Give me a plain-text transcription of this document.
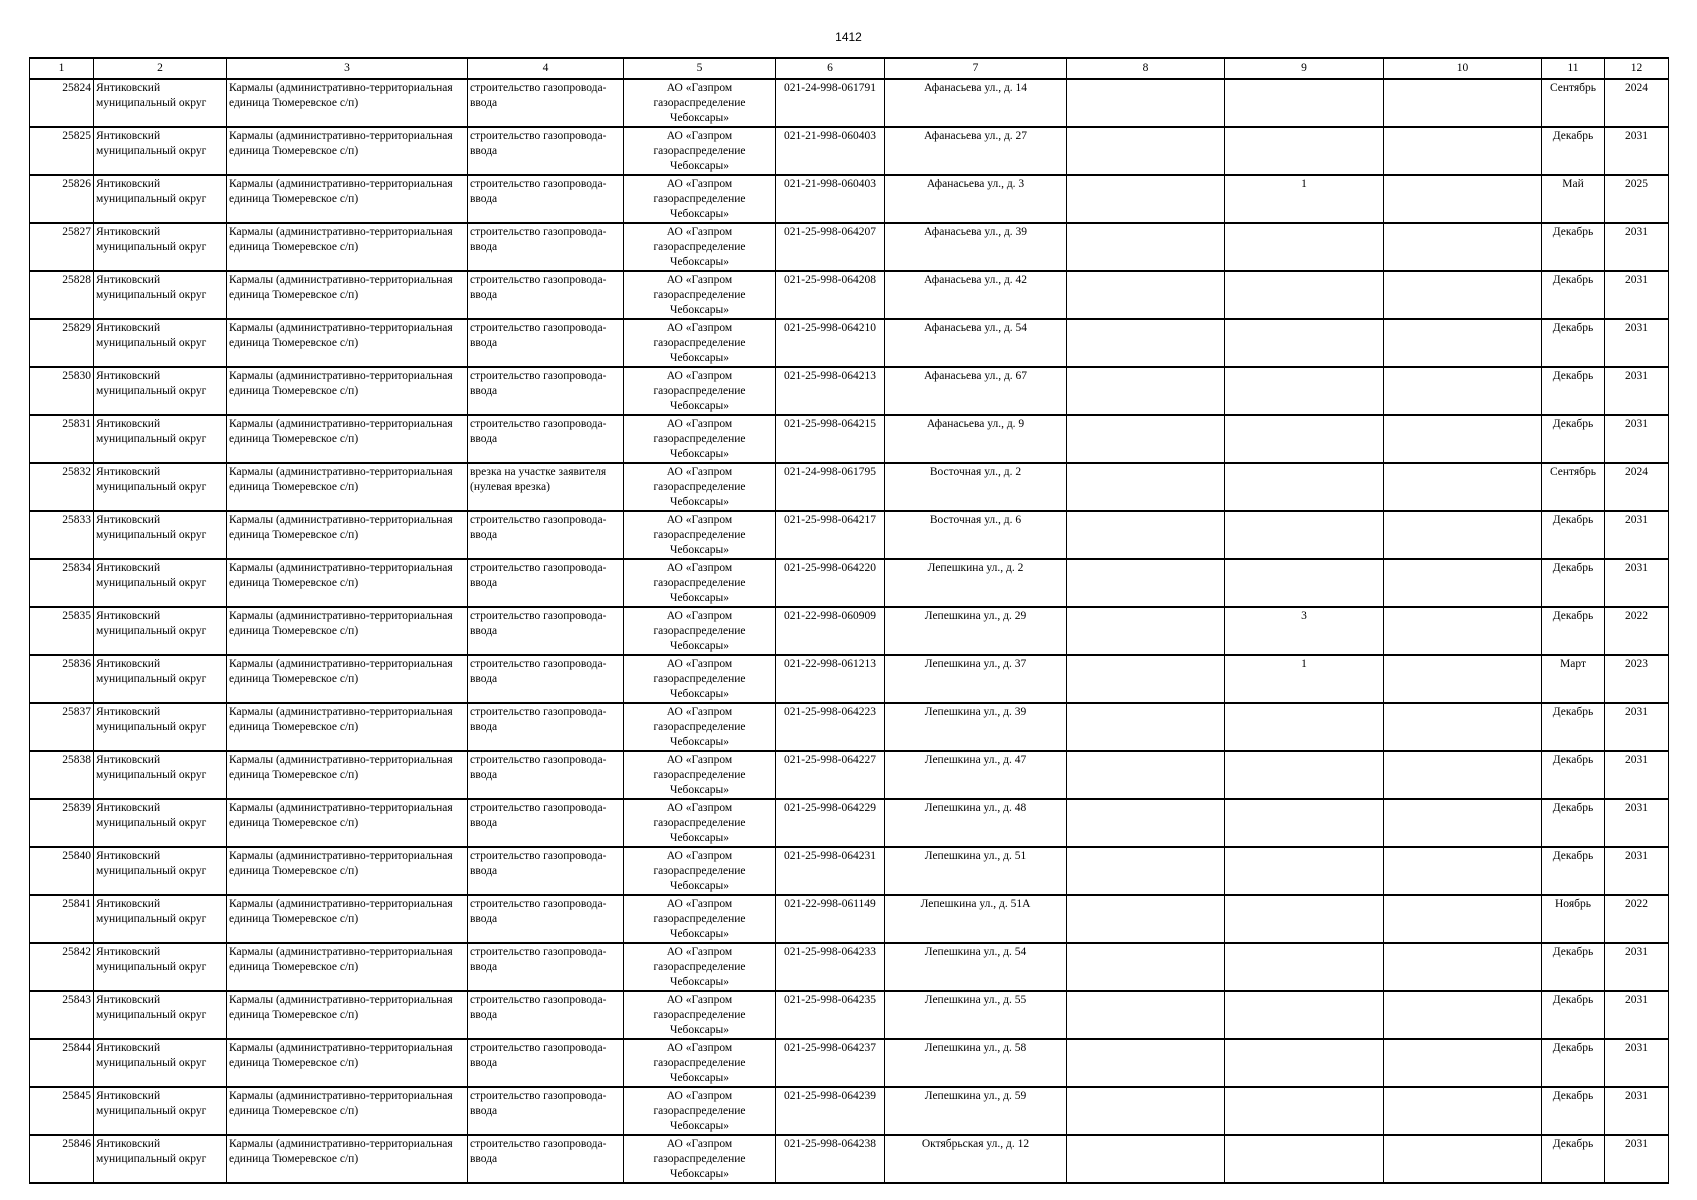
1412
1	2	3	4	5	6	7	8	9	10	11	12
25824	Янтиковский муниципальный округ	Кармалы (административно-территориальная единица Тюмеревское с/п)	строительство газопровода-ввода	АО «Газпром газораспределение Чебоксары»	021-24-998-061791	Афанасьева ул., д. 14				Сентябрь	2024
25825	Янтиковский муниципальный округ	Кармалы (административно-территориальная единица Тюмеревское с/п)	строительство газопровода-ввода	АО «Газпром газораспределение Чебоксары»	021-21-998-060403	Афанасьева ул., д. 27				Декабрь	2031
25826	Янтиковский муниципальный округ	Кармалы (административно-территориальная единица Тюмеревское с/п)	строительство газопровода-ввода	АО «Газпром газораспределение Чебоксары»	021-21-998-060403	Афанасьева ул., д. 3		1		Май	2025
25827	Янтиковский муниципальный округ	Кармалы (административно-территориальная единица Тюмеревское с/п)	строительство газопровода-ввода	АО «Газпром газораспределение Чебоксары»	021-25-998-064207	Афанасьева ул., д. 39				Декабрь	2031
25828	Янтиковский муниципальный округ	Кармалы (административно-территориальная единица Тюмеревское с/п)	строительство газопровода-ввода	АО «Газпром газораспределение Чебоксары»	021-25-998-064208	Афанасьева ул., д. 42				Декабрь	2031
25829	Янтиковский муниципальный округ	Кармалы (административно-территориальная единица Тюмеревское с/п)	строительство газопровода-ввода	АО «Газпром газораспределение Чебоксары»	021-25-998-064210	Афанасьева ул., д. 54				Декабрь	2031
25830	Янтиковский муниципальный округ	Кармалы (административно-территориальная единица Тюмеревское с/п)	строительство газопровода-ввода	АО «Газпром газораспределение Чебоксары»	021-25-998-064213	Афанасьева ул., д. 67				Декабрь	2031
25831	Янтиковский муниципальный округ	Кармалы (административно-территориальная единица Тюмеревское с/п)	строительство газопровода-ввода	АО «Газпром газораспределение Чебоксары»	021-25-998-064215	Афанасьева ул., д. 9				Декабрь	2031
25832	Янтиковский муниципальный округ	Кармалы (административно-территориальная единица Тюмеревское с/п)	врезка на участке заявителя (нулевая врезка)	АО «Газпром газораспределение Чебоксары»	021-24-998-061795	Восточная ул., д. 2				Сентябрь	2024
25833	Янтиковский муниципальный округ	Кармалы (административно-территориальная единица Тюмеревское с/п)	строительство газопровода-ввода	АО «Газпром газораспределение Чебоксары»	021-25-998-064217	Восточная ул., д. 6				Декабрь	2031
25834	Янтиковский муниципальный округ	Кармалы (административно-территориальная единица Тюмеревское с/п)	строительство газопровода-ввода	АО «Газпром газораспределение Чебоксары»	021-25-998-064220	Лепешкина ул., д. 2				Декабрь	2031
25835	Янтиковский муниципальный округ	Кармалы (административно-территориальная единица Тюмеревское с/п)	строительство газопровода-ввода	АО «Газпром газораспределение Чебоксары»	021-22-998-060909	Лепешкина ул., д. 29		3		Декабрь	2022
25836	Янтиковский муниципальный округ	Кармалы (административно-территориальная единица Тюмеревское с/п)	строительство газопровода-ввода	АО «Газпром газораспределение Чебоксары»	021-22-998-061213	Лепешкина ул., д. 37		1		Март	2023
25837	Янтиковский муниципальный округ	Кармалы (административно-территориальная единица Тюмеревское с/п)	строительство газопровода-ввода	АО «Газпром газораспределение Чебоксары»	021-25-998-064223	Лепешкина ул., д. 39				Декабрь	2031
25838	Янтиковский муниципальный округ	Кармалы (административно-территориальная единица Тюмеревское с/п)	строительство газопровода-ввода	АО «Газпром газораспределение Чебоксары»	021-25-998-064227	Лепешкина ул., д. 47				Декабрь	2031
25839	Янтиковский муниципальный округ	Кармалы (административно-территориальная единица Тюмеревское с/п)	строительство газопровода-ввода	АО «Газпром газораспределение Чебоксары»	021-25-998-064229	Лепешкина ул., д. 48				Декабрь	2031
25840	Янтиковский муниципальный округ	Кармалы (административно-территориальная единица Тюмеревское с/п)	строительство газопровода-ввода	АО «Газпром газораспределение Чебоксары»	021-25-998-064231	Лепешкина ул., д. 51				Декабрь	2031
25841	Янтиковский муниципальный округ	Кармалы (административно-территориальная единица Тюмеревское с/п)	строительство газопровода-ввода	АО «Газпром газораспределение Чебоксары»	021-22-998-061149	Лепешкина ул., д. 51А				Ноябрь	2022
25842	Янтиковский муниципальный округ	Кармалы (административно-территориальная единица Тюмеревское с/п)	строительство газопровода-ввода	АО «Газпром газораспределение Чебоксары»	021-25-998-064233	Лепешкина ул., д. 54				Декабрь	2031
25843	Янтиковский муниципальный округ	Кармалы (административно-территориальная единица Тюмеревское с/п)	строительство газопровода-ввода	АО «Газпром газораспределение Чебоксары»	021-25-998-064235	Лепешкина ул., д. 55				Декабрь	2031
25844	Янтиковский муниципальный округ	Кармалы (административно-территориальная единица Тюмеревское с/п)	строительство газопровода-ввода	АО «Газпром газораспределение Чебоксары»	021-25-998-064237	Лепешкина ул., д. 58				Декабрь	2031
25845	Янтиковский муниципальный округ	Кармалы (административно-территориальная единица Тюмеревское с/п)	строительство газопровода-ввода	АО «Газпром газораспределение Чебоксары»	021-25-998-064239	Лепешкина ул., д. 59				Декабрь	2031
25846	Янтиковский муниципальный округ	Кармалы (административно-территориальная единица Тюмеревское с/п)	строительство газопровода-ввода	АО «Газпром газораспределение Чебоксары»	021-25-998-064238	Октябрьская ул., д. 12				Декабрь	2031
